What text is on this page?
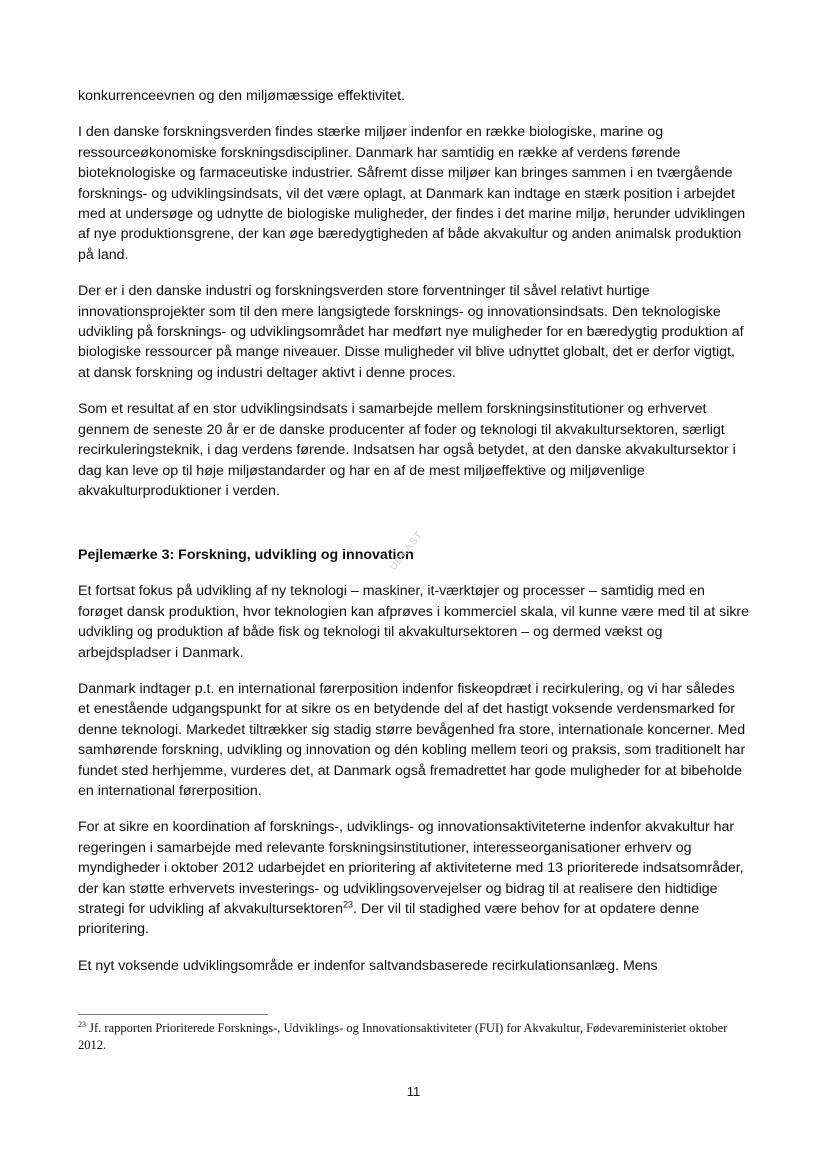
konkurrenceevnen og den miljømæssige effektivitet.

I den danske forskningsverden findes stærke miljøer indenfor en række biologiske, marine og ressourceøkonomiske forskningsdiscipliner. Danmark har samtidig en række af verdens førende bioteknologiske og farmaceutiske industrier. Såfremt disse miljøer kan bringes sammen i en tværgående forsknings- og udviklingsindsats, vil det være oplagt, at Danmark kan indtage en stærk position i arbejdet med at undersøge og udnytte de biologiske muligheder, der findes i det marine miljø, herunder udviklingen af nye produktionsgrene, der kan øge bæredygtigheden af både akvakultur og anden animalsk produktion på land.

Der er i den danske industri og forskningsverden store forventninger til såvel relativt hurtige innovationsprojekter som til den mere langsigtede forsknings- og innovationsindsats. Den teknologiske udvikling på forsknings- og udviklingsområdet har medført nye muligheder for en bæredygtig produktion af biologiske ressourcer på mange niveauer. Disse muligheder vil blive udnyttet globalt, det er derfor vigtigt, at dansk forskning og industri deltager aktivt i denne proces.

Som et resultat af en stor udviklingsindsats i samarbejde mellem forskningsinstitutioner og erhvervet gennem de seneste 20 år er de danske producenter af foder og teknologi til akvakultursektoren, særligt recirkuleringsteknik, i dag verdens førende. Indsatsen har også betydet, at den danske akvakultursektor i dag kan leve op til høje miljøstandarder og har en af de mest miljøeffektive og miljøvenlige akvakulturproduktioner i verden.

Pejlemærke 3: Forskning, udvikling og innovation

Et fortsat fokus på udvikling af ny teknologi – maskiner, it-værktøjer og processer – samtidig med en forøget dansk produktion, hvor teknologien kan afprøves i kommerciel skala, vil kunne være med til at sikre udvikling og produktion af både fisk og teknologi til akvakultursektoren – og dermed vækst og arbejdspladser i Danmark.

Danmark indtager p.t. en international førerposition indenfor fiskeopdræt i recirkulering, og vi har således et enestående udgangspunkt for at sikre os en betydende del af det hastigt voksende verdensmarked for denne teknologi. Markedet tiltrækker sig stadig større bevågenhed fra store, internationale koncerner. Med samhørende forskning, udvikling og innovation og dén kobling mellem teori og praksis, som traditionelt har fundet sted herhjemme, vurderes det, at Danmark også fremadrettet har gode muligheder for at bibeholde en international førerposition.

For at sikre en koordination af forsknings-, udviklings- og innovationsaktiviteterne indenfor akvakultur har regeringen i samarbejde med relevante forskningsinstitutioner, interesseorganisationer erhverv og myndigheder i oktober 2012 udarbejdet en prioritering af aktiviteterne med 13 prioriterede indsatsområder, der kan støtte erhvervets investerings- og udviklingsovervejelser og bidrag til at realisere den hidtidige strategi for udvikling af akvakultursektoren$^{23}$. Der vil til stadighed være behov for at opdatere denne prioritering.

Et nyt voksende udviklingsområde er indenfor saltvandsbaserede recirkulationsanlæg. Mens

UDKAST
$^{23}$ Jf. rapporten Prioriterede Forsknings-, Udviklings- og Innovationsaktiviteter (FUI) for Akvakultur, Fødevareministeriet oktober 2012.
11
